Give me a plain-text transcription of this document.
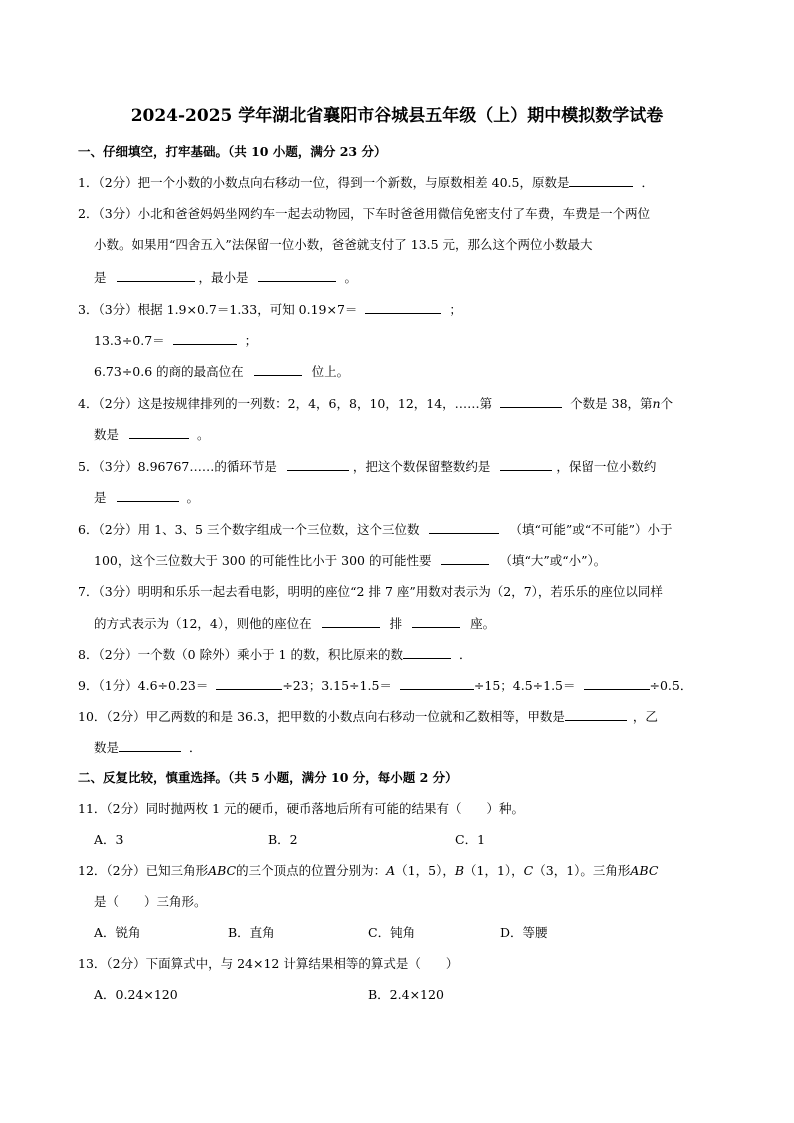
2024-2025 学年湖北省襄阳市谷城县五年级（上）期中模拟数学试卷
一、仔细填空，打牢基础。（共 10 小题，满分 23 分）
1．（2分）把一个小数的小数点向右移动一位，得到一个新数，与原数相差 40.5，原数是	．
2．（3分）小北和爸爸妈妈坐网约车一起去动物园，下车时爸爸用微信免密支付了车费，车费是一个两位
小数。如果用“四舍五入”法保留一位小数，爸爸就支付了 13.5 元，那么这个两位小数最大
是	，最小是	。
3．（3分）根据 1.9×0.7＝1.33，可知 0.19×7＝	；
13.3÷0.7＝	；
6.73÷0.6 的商的最高位在	位上。
4．（2分）这是按规律排列的一列数：2，4，6，8，10，12，14，……第	个数是 38，第n个
数是	。
5．（3分）8.96767……的循环节是	，把这个数保留整数约是	，保留一位小数约
是	。
6．（2分）用 1、3、5 三个数字组成一个三位数，这个三位数	（填“可能”或“不可能”）小于
100，这个三位数大于 300 的可能性比小于 300 的可能性要	（填“大”或“小”）。
7．（3分）明明和乐乐一起去看电影，明明的座位“2 排 7 座”用数对表示为（2，7），若乐乐的座位以同样
的方式表示为（12，4），则他的座位在	排	座。
8．（2分）一个数（0 除外）乘小于 1 的数，积比原来的数	．
9．（1分）4.6÷0.23＝	÷23；3.15÷1.5＝	÷15；4.5÷1.5＝	÷0.5．
10．（2分）甲乙两数的和是 36.3，把甲数的小数点向右移动一位就和乙数相等，甲数是	，乙
数是	．
二、反复比较，慎重选择。（共 5 小题，满分 10 分，每小题 2 分）
11．（2分）同时抛两枚 1 元的硬币，硬币落地后所有可能的结果有（　　）种。
A．3	B．2	C．1
12．（2分）已知三角形ABC的三个顶点的位置分别为：A（1，5），B（1，1），C（3，1）。三角形ABC
是（　　）三角形。
A．锐角	B．直角	C．钝角	D．等腰
13．（2分）下面算式中，与 24×12 计算结果相等的算式是（　　）
A．0.24×120	B．2.4×120
